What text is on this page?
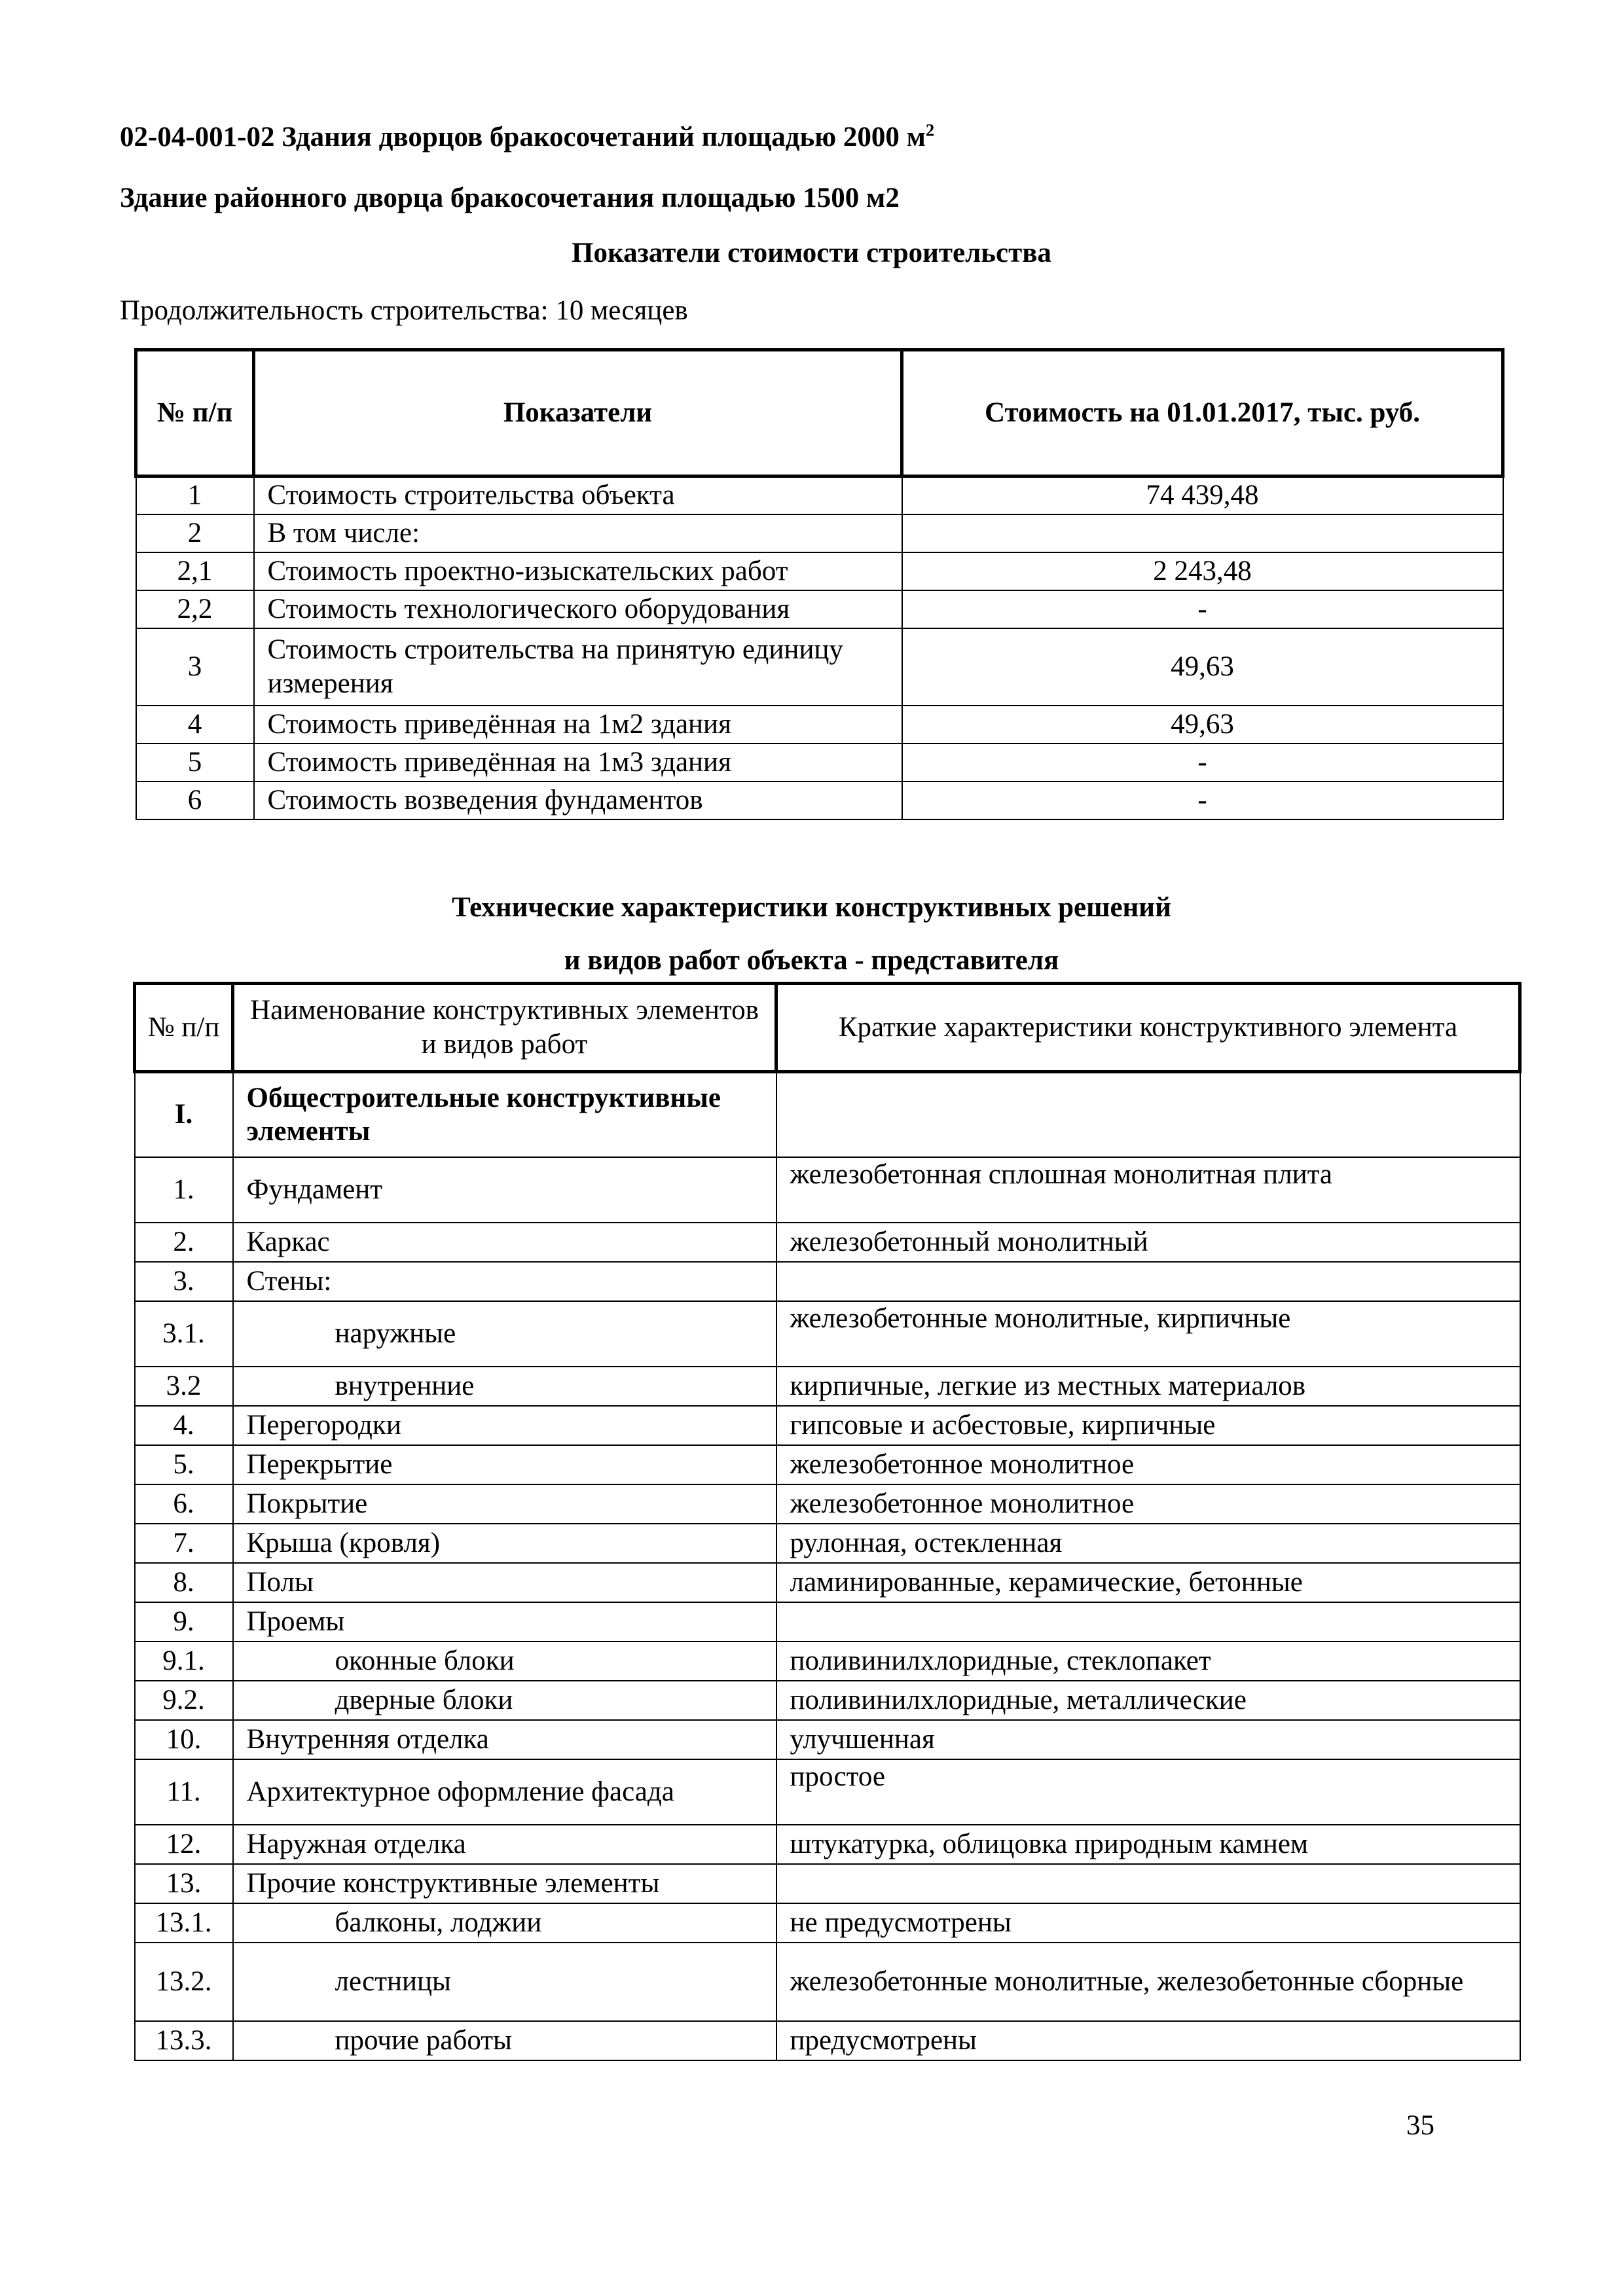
02-04-001-02 Здания дворцов бракосочетаний площадью 2000 $м^2$
Здание районного дворца бракосочетания площадью 1500 м2
Показатели стоимости строительства
Продолжительность строительства: 10 месяцев
№ п/п	Показатели	Стоимость на 01.01.2017, тыс. руб.
1	Стоимость строительства объекта	74 439,48
2	В том числе:	
2,1	Стоимость проектно-изыскательских работ	2 243,48
2,2	Стоимость технологического оборудования	-
3	Стоимость строительства на принятую единицу измерения	49,63
4	Стоимость приведённая на 1м2 здания	49,63
5	Стоимость приведённая на 1м3 здания	-
6	Стоимость возведения фундаментов	-
Технические характеристики конструктивных решений
и видов работ объекта - представителя
№ п/п	Наименование конструктивных элементов и видов работ	Краткие характеристики конструктивного элемента
I.	Общестроительные конструктивные элементы	
1.	Фундамент	железобетонная сплошная монолитная плита
2.	Каркас	железобетонный монолитный
3.	Стены:	
3.1.	наружные	железобетонные монолитные, кирпичные
3.2	внутренние	кирпичные, легкие из местных материалов
4.	Перегородки	гипсовые и асбестовые, кирпичные
5.	Перекрытие	железобетонное монолитное
6.	Покрытие	железобетонное монолитное
7.	Крыша (кровля)	рулонная, остекленная
8.	Полы	ламинированные, керамические, бетонные
9.	Проемы	
9.1.	оконные блоки	поливинилхлоридные, стеклопакет
9.2.	дверные блоки	поливинилхлоридные, металлические
10.	Внутренняя отделка	улучшенная
11.	Архитектурное оформление фасада	простое
12.	Наружная отделка	штукатурка, облицовка природным камнем
13.	Прочие конструктивные элементы	
13.1.	балконы, лоджии	не предусмотрены
13.2.	лестницы	железобетонные монолитные, железобетонные сборные
13.3.	прочие работы	предусмотрены
35
